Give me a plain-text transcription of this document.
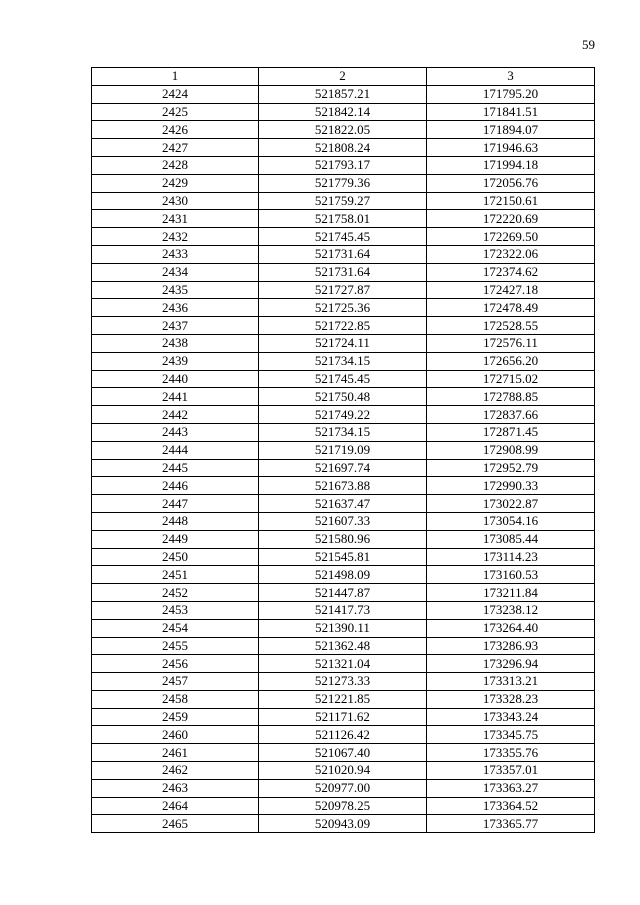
59
1	2	3
2424	521857.21	171795.20
2425	521842.14	171841.51
2426	521822.05	171894.07
2427	521808.24	171946.63
2428	521793.17	171994.18
2429	521779.36	172056.76
2430	521759.27	172150.61
2431	521758.01	172220.69
2432	521745.45	172269.50
2433	521731.64	172322.06
2434	521731.64	172374.62
2435	521727.87	172427.18
2436	521725.36	172478.49
2437	521722.85	172528.55
2438	521724.11	172576.11
2439	521734.15	172656.20
2440	521745.45	172715.02
2441	521750.48	172788.85
2442	521749.22	172837.66
2443	521734.15	172871.45
2444	521719.09	172908.99
2445	521697.74	172952.79
2446	521673.88	172990.33
2447	521637.47	173022.87
2448	521607.33	173054.16
2449	521580.96	173085.44
2450	521545.81	173114.23
2451	521498.09	173160.53
2452	521447.87	173211.84
2453	521417.73	173238.12
2454	521390.11	173264.40
2455	521362.48	173286.93
2456	521321.04	173296.94
2457	521273.33	173313.21
2458	521221.85	173328.23
2459	521171.62	173343.24
2460	521126.42	173345.75
2461	521067.40	173355.76
2462	521020.94	173357.01
2463	520977.00	173363.27
2464	520978.25	173364.52
2465	520943.09	173365.77
